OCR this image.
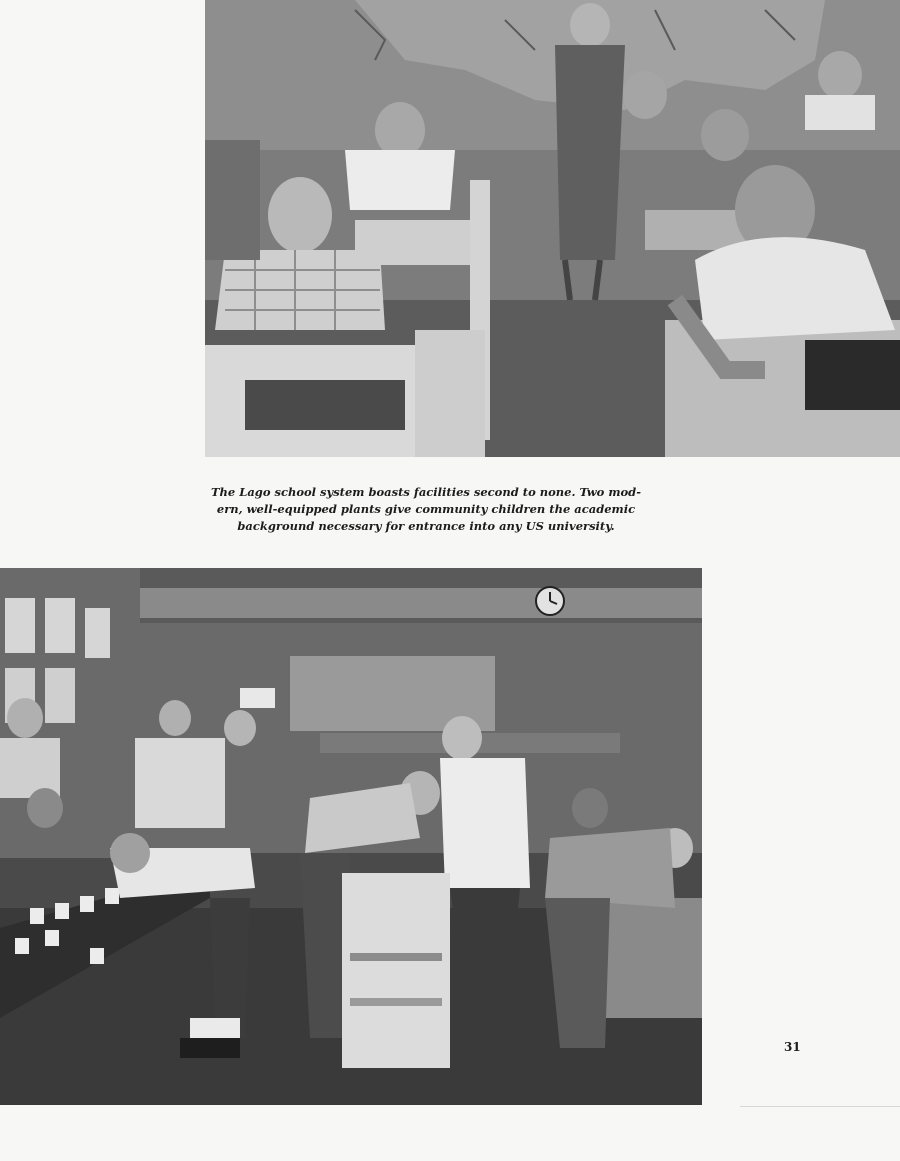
The Lago school system boasts facilities second to none. Two mod-
ern, well-equipped plants give community children the academic
background necessary for entrance into any US university.
31
